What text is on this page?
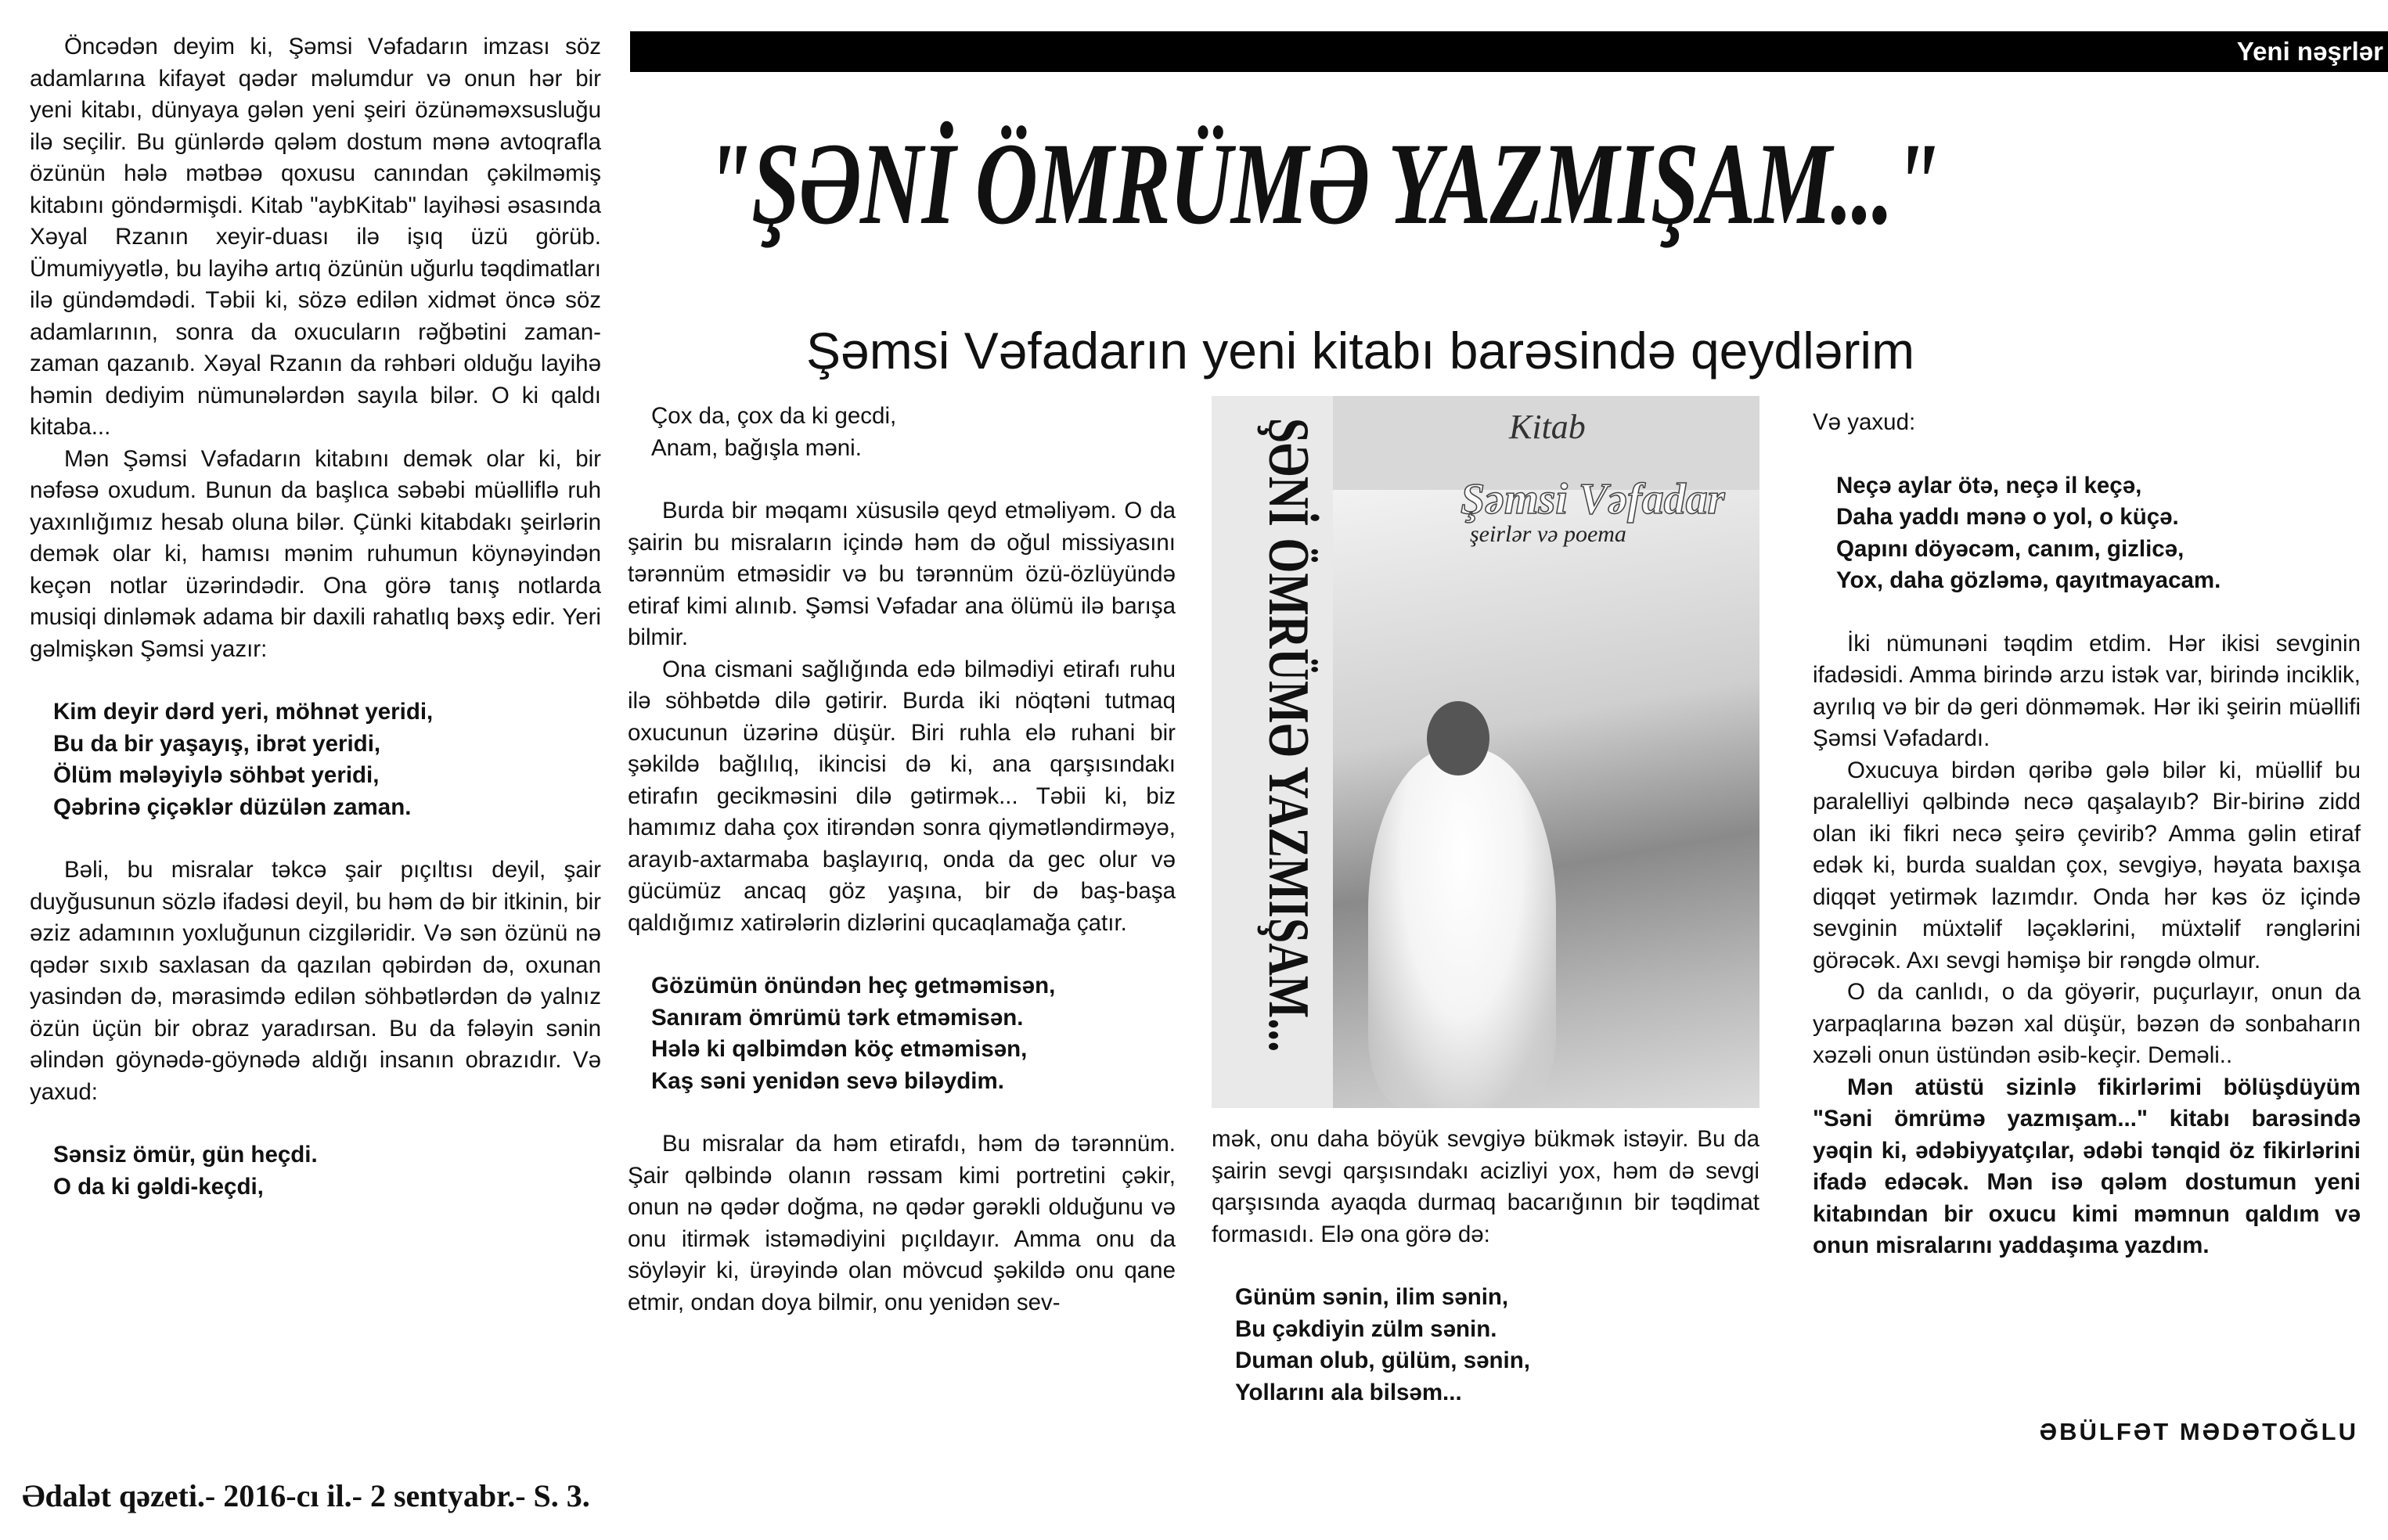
Yeni nəşrlər
"ŞƏNİ ÖMRÜMƏ YAZMIŞAM..."
Şəmsi Vəfadarın yeni kitabı barəsində qeydlərim

Öncədən deyim ki, Şəmsi Vəfadarın imzası söz adamlarına kifayət qədər məlumdur və onun hər bir yeni kitabı, dünyaya gələn yeni şeiri özünəməxsusluğu ilə seçilir. Bu günlərdə qələm dostum mənə avtoqrafla özünün hələ mətbəə qoxusu canından çəkilməmiş kitabını göndərmişdi. Kitab "aybKitab" layihəsi əsasında Xəyal Rzanın xeyir-duası ilə işıq üzü görüb. Ümumiyyətlə, bu layihə artıq özünün uğurlu təqdimatları ilə gündəmdədi. Təbii ki, sözə edilən xidmət öncə söz adamlarının, sonra da oxucuların rəğbətini zaman-zaman qazanıb. Xəyal Rzanın da rəhbəri olduğu layihə həmin dediyim nümunələrdən sayıla bilər. O ki qaldı kitaba...

Mən Şəmsi Vəfadarın kitabını demək olar ki, bir nəfəsə oxudum. Bunun da başlıca səbəbi müəlliflə ruh yaxınlığımız hesab oluna bilər. Çünki kitabdakı şeirlərin demək olar ki, hamısı mənim ruhumun köynəyindən keçən notlar üzərindədir. Ona görə tanış notlarda musiqi dinləmək adama bir daxili rahatlıq bəxş edir. Yeri gəlmişkən Şəmsi yazır:

Kim deyir dərd yeri, möhnət yeridi,
Bu da bir yaşayış, ibrət yeridi,
Ölüm mələyiylə söhbət yeridi,
Qəbrinə çiçəklər düzülən zaman.

Bəli, bu misralar təkcə şair pıçıltısı deyil, şair duyğusunun sözlə ifadəsi deyil, bu həm də bir itkinin, bir əziz adamının yoxluğunun cizgiləridir. Və sən özünü nə qədər sıxıb saxlasan da qazılan qəbirdən də, oxunan yasindən də, mərasimdə edilən söhbətlərdən də yalnız özün üçün bir obraz yaradırsan. Bu da fələyin sənin əlindən göynədə-göynədə aldığı insanın obrazıdır. Və yaxud:

Sənsiz ömür, gün heçdi.
O da ki gəldi-keçdi,

Çox da, çox da ki gecdi,
Anam, bağışla məni.

Burda bir məqamı xüsusilə qeyd etməliyəm. O da şairin bu misraların içində həm də oğul missiyasını tərənnüm etməsidir və bu tərənnüm özü-özlüyündə etiraf kimi alınıb. Şəmsi Vəfadar ana ölümü ilə barışa bilmir.

Ona cismani sağlığında edə bilmədiyi etirafı ruhu ilə söhbətdə dilə gətirir. Burda iki nöqtəni tutmaq oxucunun üzərinə düşür. Biri ruhla elə ruhani bir şəkildə bağlılıq, ikincisi də ki, ana qarşısındakı etirafın gecikməsini dilə gətirmək... Təbii ki, biz hamımız daha çox itirəndən sonra qiymətləndirməyə, arayıb-axtarmaba başlayırıq, onda da gec olur və gücümüz ancaq göz yaşına, bir də baş-başa qaldığımız xatirələrin dizlərini qucaqlamağa çatır.

Gözümün önündən heç getməmisən,
Sanıram ömrümü tərk etməmisən.
Hələ ki qəlbimdən köç etməmisən,
Kaş səni yenidən sevə biləydim.

Bu misralar da həm etirafdı, həm də tərənnüm. Şair qəlbində olanın rəssam kimi portretini çəkir, onun nə qədər doğma, nə qədər gərəkli olduğunu və onu itirmək istəmədiyini pıçıldayır. Amma onu da söyləyir ki, ürəyində olan mövcud şəkildə onu qane etmir, ondan doya bilmir, onu yenidən sev-

ŞƏNİ ÖMRÜMƏ YAZMIŞAM...	Kitab
Şəmsi Vəfadar
şeirlər və poema

mək, onu daha böyük sevgiyə bükmək istəyir. Bu da şairin sevgi qarşısındakı acizliyi yox, həm də sevgi qarşısında ayaqda durmaq bacarığının bir təqdimat formasıdı. Elə ona görə də:

Günüm sənin, ilim sənin,
Bu çəkdiyin zülm sənin.
Duman olub, gülüm, sənin,
Yollarını ala bilsəm...

Və yaxud:

Neçə aylar ötə, neçə il keçə,
Daha yaddı mənə o yol, o küçə.
Qapını döyəcəm, canım, gizlicə,
Yox, daha gözləmə, qayıtmayacam.

İki nümunəni təqdim etdim. Hər ikisi sevginin ifadəsidi. Amma birində arzu istək var, birində inciklik, ayrılıq və bir də geri dönməmək. Hər iki şeirin müəllifi Şəmsi Vəfadardı.

Oxucuya birdən qəribə gələ bilər ki, müəllif bu paralelliyi qəlbində necə qaşalayıb? Bir-birinə zidd olan iki fikri necə şeirə çevirib? Amma gəlin etiraf edək ki, burda sualdan çox, sevgiyə, həyata baxışa diqqət yetirmək lazımdır. Onda hər kəs öz içində sevginin müxtəlif ləçəklərini, müxtəlif rənglərini görəcək. Axı sevgi həmişə bir rəngdə olmur.

O da canlıdı, o da göyərir, puçurlayır, onun da yarpaqlarına bəzən xal düşür, bəzən də sonbaharın xəzəli onun üstündən əsib-keçir. Deməli..

Mən atüstü sizinlə fikirlərimi bölüşdüyüm "Səni ömrümə yazmışam..." kitabı barəsində yəqin ki, ədəbiyyatçılar, ədəbi tənqid öz fikirlərini ifadə edəcək. Mən isə qələm dostumun yeni kitabından bir oxucu kimi məmnun qaldım və onun misralarını yaddaşıma yazdım.

ƏBÜLFƏT MƏDƏTOĞLU
Ədalət qəzeti.- 2016-cı il.- 2 sentyabr.- S. 3.
